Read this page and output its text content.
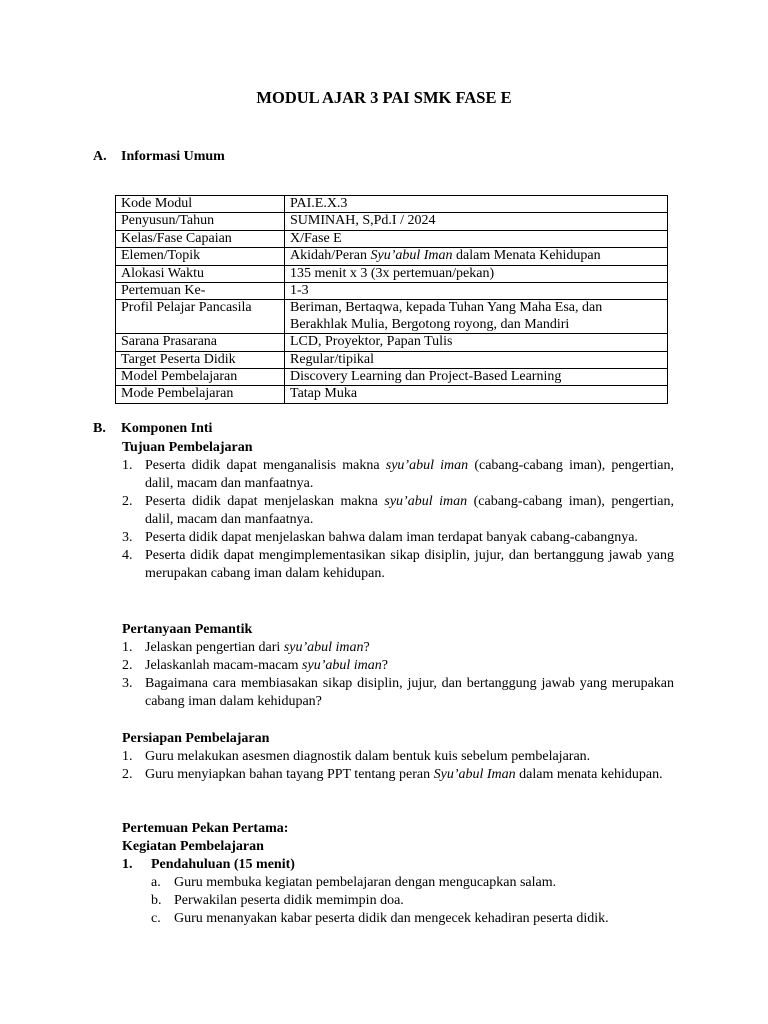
MODUL AJAR 3 PAI SMK FASE E
A. Informasi Umum
Kode Modul	PAI.E.X.3
Penyusun/Tahun	SUMINAH, S,Pd.I / 2024
Kelas/Fase Capaian	X/Fase E
Elemen/Topik	Akidah/Peran Syu’abul Iman dalam Menata Kehidupan
Alokasi Waktu	135 menit x 3 (3x pertemuan/pekan)
Pertemuan Ke-	1-3
Profil Pelajar Pancasila	Beriman, Bertaqwa, kepada Tuhan Yang Maha Esa, dan Berakhlak Mulia, Bergotong royong, dan Mandiri
Sarana Prasarana	LCD, Proyektor, Papan Tulis
Target Peserta Didik	Regular/tipikal
Model Pembelajaran	Discovery Learning dan Project-Based Learning
Mode Pembelajaran	Tatap Muka
B. Komponen Inti
Tujuan Pembelajaran
1. Peserta didik dapat menganalisis makna syu’abul iman (cabang-cabang iman), pengertian, dalil, macam dan manfaatnya.
2. Peserta didik dapat menjelaskan makna syu’abul iman (cabang-cabang iman), pengertian, dalil, macam dan manfaatnya.
3. Peserta didik dapat menjelaskan bahwa dalam iman terdapat banyak cabang-cabangnya.
4. Peserta didik dapat mengimplementasikan sikap disiplin, jujur, dan bertanggung jawab yang merupakan cabang iman dalam kehidupan.
Pertanyaan Pemantik
1. Jelaskan pengertian dari syu’abul iman?
2. Jelaskanlah macam-macam syu’abul iman?
3. Bagaimana cara membiasakan sikap disiplin, jujur, dan bertanggung jawab yang merupakan cabang iman dalam kehidupan?
Persiapan Pembelajaran
1. Guru melakukan asesmen diagnostik dalam bentuk kuis sebelum pembelajaran.
2. Guru menyiapkan bahan tayang PPT tentang peran Syu’abul Iman dalam menata kehidupan.
Pertemuan Pekan Pertama:
Kegiatan Pembelajaran
1. Pendahuluan (15 menit)
a. Guru membuka kegiatan pembelajaran dengan mengucapkan salam.
b. Perwakilan peserta didik memimpin doa.
c. Guru menanyakan kabar peserta didik dan mengecek kehadiran peserta didik.
